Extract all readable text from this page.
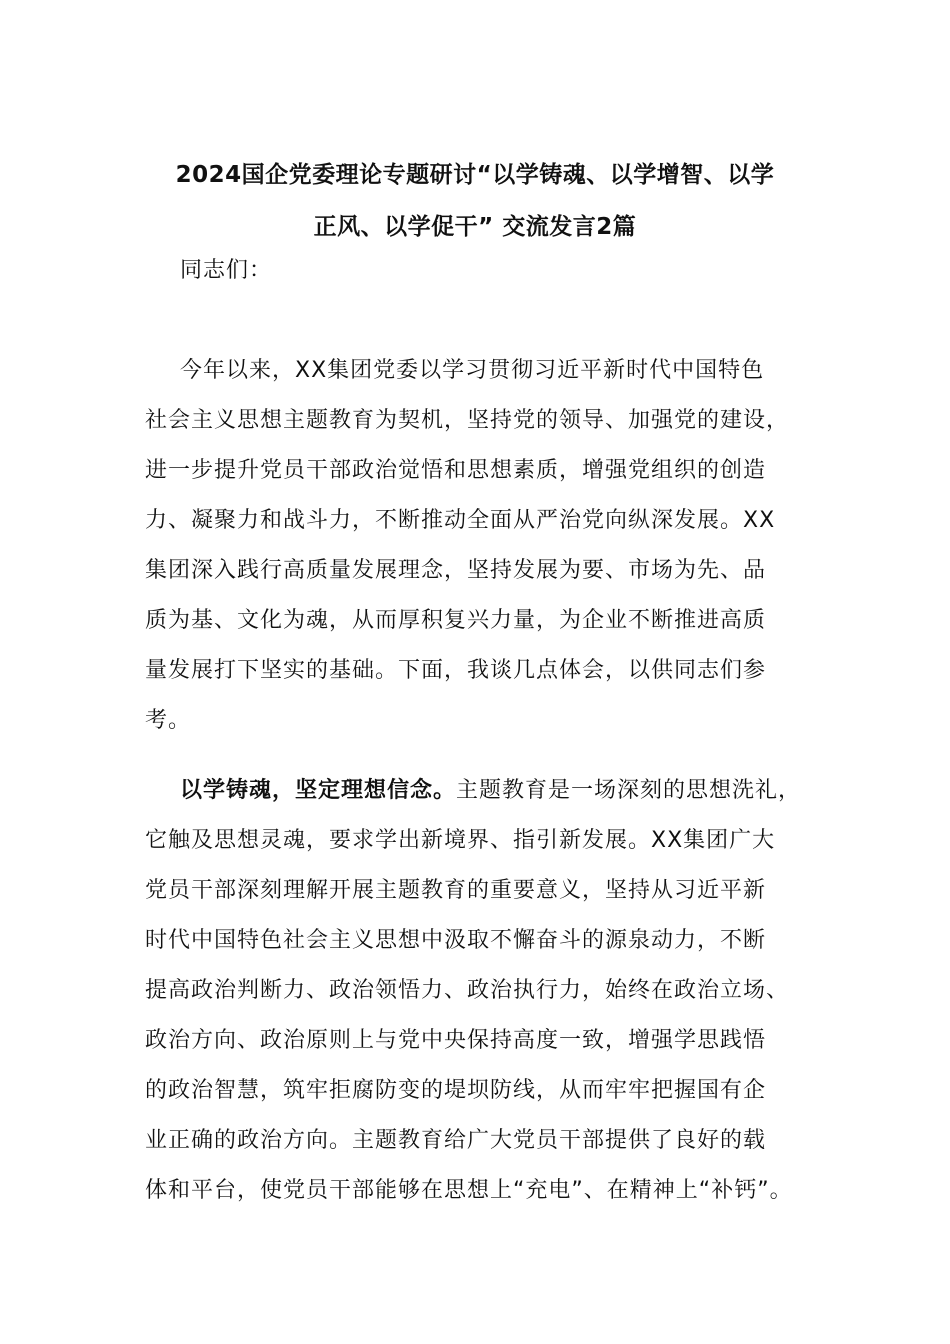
2024国企党委理论专题研讨“以学铸魂、以学增智、以学
正风、以学促干” 交流发言2篇
同志们：
今年以来，XX集团党委以学习贯彻习近平新时代中国特色
社会主义思想主题教育为契机，坚持党的领导、加强党的建设，
进一步提升党员干部政治觉悟和思想素质，增强党组织的创造
力、凝聚力和战斗力，不断推动全面从严治党向纵深发展。XX
集团深入践行高质量发展理念，坚持发展为要、市场为先、品
质为基、文化为魂，从而厚积复兴力量，为企业不断推进高质
量发展打下坚实的基础。下面，我谈几点体会，以供同志们参
考。
以学铸魂，坚定理想信念。主题教育是一场深刻的思想洗礼，
它触及思想灵魂，要求学出新境界、指引新发展。XX集团广大
党员干部深刻理解开展主题教育的重要意义，坚持从习近平新
时代中国特色社会主义思想中汲取不懈奋斗的源泉动力，不断
提高政治判断力、政治领悟力、政治执行力，始终在政治立场、
政治方向、政治原则上与党中央保持高度一致，增强学思践悟
的政治智慧，筑牢拒腐防变的堤坝防线，从而牢牢把握国有企
业正确的政治方向。主题教育给广大党员干部提供了良好的载
体和平台，使党员干部能够在思想上“充电”、在精神上“补钙”。
